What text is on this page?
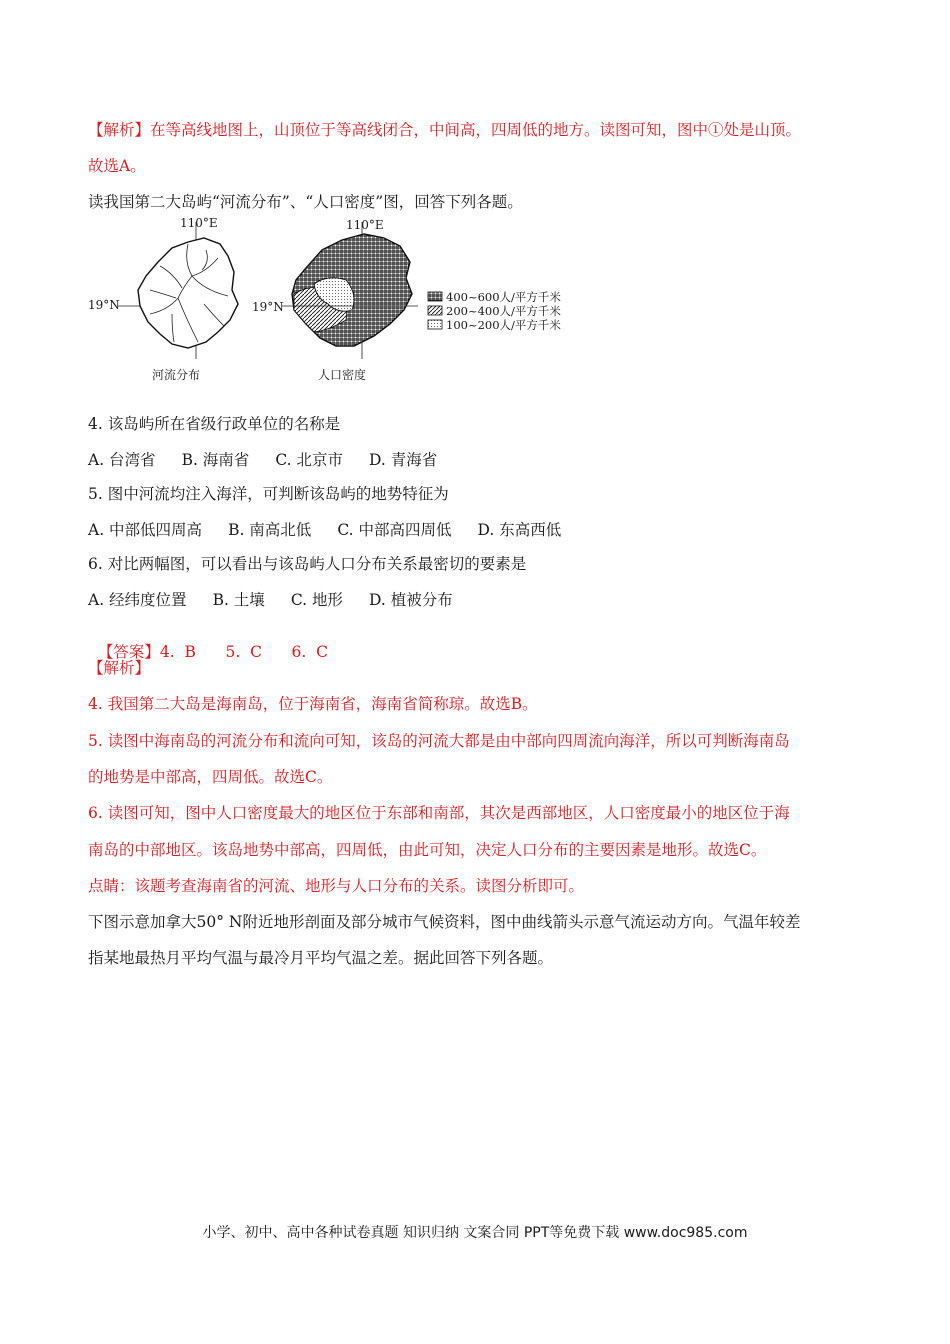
【解析】在等高线地图上，山顶位于等高线闭合，中间高，四周低的地方。读图可知，图中①处是山顶。
故选A。
读我国第二大岛屿“河流分布”、“人口密度”图，回答下列各题。
110°E	110°E
19°N	19°N
河流分布	人口密度
400~600人/平方千米
200~400人/平方千米
100~200人/平方千米
4. 该岛屿所在省级行政单位的名称是
A. 台湾省 B. 海南省 C. 北京市 D. 青海省
5. 图中河流均注入海洋，可判断该岛屿的地势特征为
A. 中部低四周高 B. 南高北低 C. 中部高四周低 D. 东高西低
6. 对比两幅图，可以看出与该岛屿人口分布关系最密切的要素是
A. 经纬度位置 B. 土壤 C. 地形 D. 植被分布

【答案】4.  B      5.  C      6.  C

【解析】
4. 我国第二大岛是海南岛，位于海南省，海南省简称琼。故选B。
5. 读图中海南岛的河流分布和流向可知，该岛的河流大都是由中部向四周流向海洋，所以可判断海南岛
的地势是中部高，四周低。故选C。
6. 读图可知，图中人口密度最大的地区位于东部和南部，其次是西部地区，人口密度最小的地区位于海
南岛的中部地区。该岛地势中部高，四周低，由此可知，决定人口分布的主要因素是地形。故选C。
点睛：该题考查海南省的河流、地形与人口分布的关系。读图分析即可。
下图示意加拿大50° N附近地形剖面及部分城市气候资料，图中曲线箭头示意气流运动方向。气温年较差
指某地最热月平均气温与最冷月平均气温之差。据此回答下列各题。
小学、初中、高中各种试卷真题 知识归纳 文案合同 PPT等免费下载 www.doc985.com
